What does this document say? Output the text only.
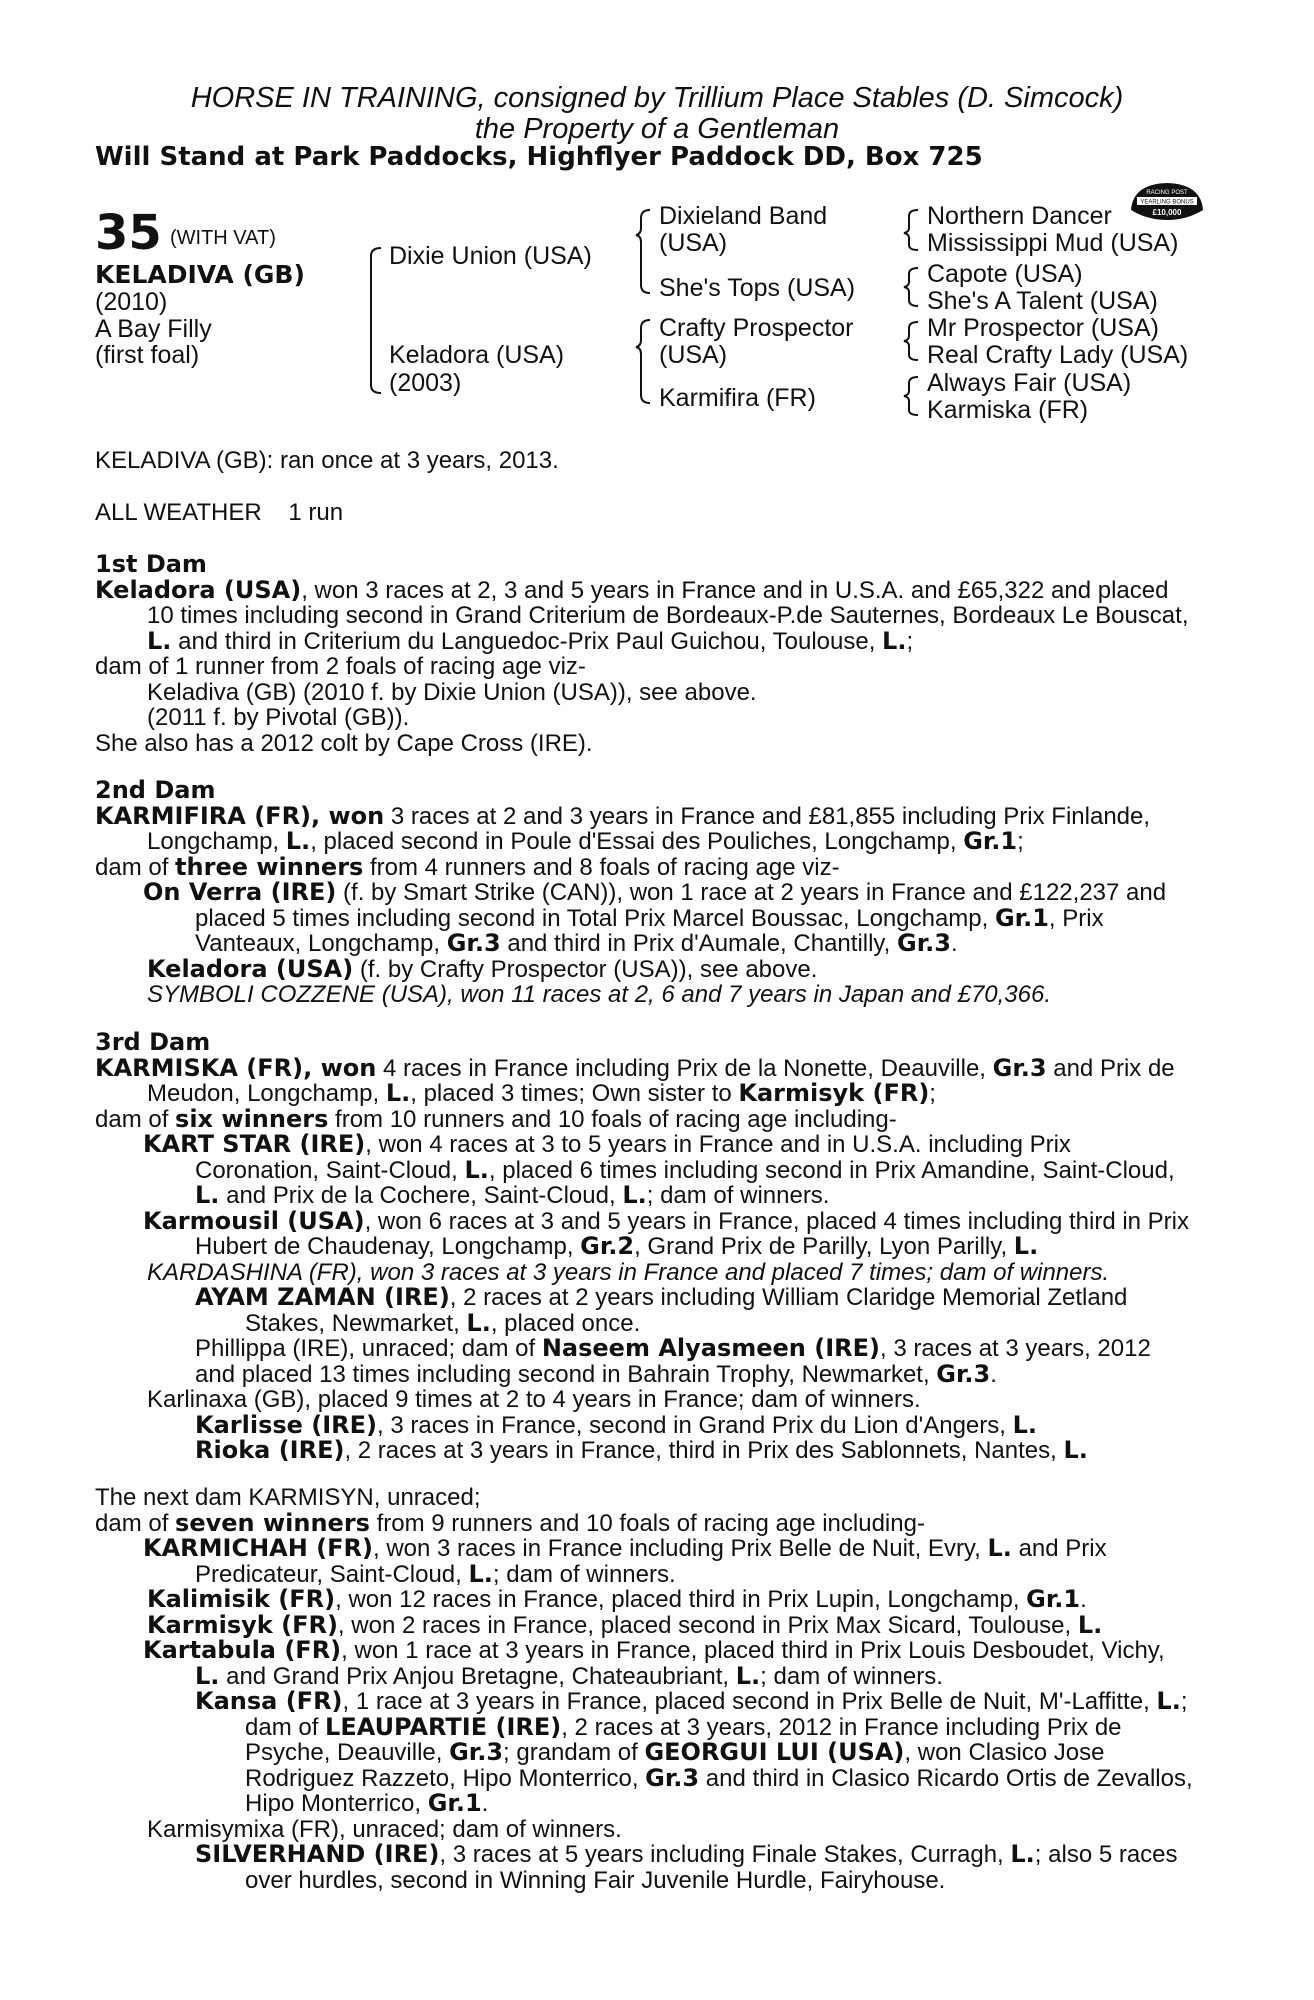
HORSE IN TRAINING, consigned by Trillium Place Stables (D. Simcock)
the Property of a Gentleman
Will Stand at Park Paddocks, Highflyer Paddock DD, Box 725
RACING POST
YEARLING BONUS
£10,000
35 (WITH VAT)
KELADIVA (GB)
(2010)
A Bay Filly
(first foal)
Dixie Union (USA)
Keladora (USA)
(2003)
Dixieland Band
(USA)
She's Tops (USA)
Crafty Prospector
(USA)
Karmifira (FR)
Northern Dancer
Mississippi Mud (USA)
Capote (USA)
She's A Talent (USA)
Mr Prospector (USA)
Real Crafty Lady (USA)
Always Fair (USA)
Karmiska (FR)
KELADIVA (GB): ran once at 3 years, 2013.
ALL WEATHER 1 run
1st Dam
Keladora (USA), won 3 races at 2, 3 and 5 years in France and in U.S.A. and £65,322 and placed 10 times including second in Grand Criterium de Bordeaux-P.de Sauternes, Bordeaux Le Bouscat, L. and third in Criterium du Languedoc-Prix Paul Guichou, Toulouse, L.;
dam of 1 runner from 2 foals of racing age viz-
Keladiva (GB) (2010 f. by Dixie Union (USA)), see above.
(2011 f. by Pivotal (GB)).
She also has a 2012 colt by Cape Cross (IRE).
2nd Dam
KARMIFIRA (FR), won 3 races at 2 and 3 years in France and £81,855 including Prix Finlande, Longchamp, L., placed second in Poule d'Essai des Pouliches, Longchamp, Gr.1;
dam of three winners from 4 runners and 8 foals of racing age viz-
On Verra (IRE) (f. by Smart Strike (CAN)), won 1 race at 2 years in France and £122,237 and placed 5 times including second in Total Prix Marcel Boussac, Longchamp, Gr.1, Prix Vanteaux, Longchamp, Gr.3 and third in Prix d'Aumale, Chantilly, Gr.3.
Keladora (USA) (f. by Crafty Prospector (USA)), see above.
SYMBOLI COZZENE (USA), won 11 races at 2, 6 and 7 years in Japan and £70,366.
3rd Dam
KARMISKA (FR), won 4 races in France including Prix de la Nonette, Deauville, Gr.3 and Prix de Meudon, Longchamp, L., placed 3 times; Own sister to Karmisyk (FR);
dam of six winners from 10 runners and 10 foals of racing age including-
KART STAR (IRE), won 4 races at 3 to 5 years in France and in U.S.A. including Prix Coronation, Saint-Cloud, L., placed 6 times including second in Prix Amandine, Saint-Cloud, L. and Prix de la Cochere, Saint-Cloud, L.; dam of winners.
Karmousil (USA), won 6 races at 3 and 5 years in France, placed 4 times including third in Prix Hubert de Chaudenay, Longchamp, Gr.2, Grand Prix de Parilly, Lyon Parilly, L.
KARDASHINA (FR), won 3 races at 3 years in France and placed 7 times; dam of winners.
AYAM ZAMAN (IRE), 2 races at 2 years including William Claridge Memorial Zetland Stakes, Newmarket, L., placed once.
Phillippa (IRE), unraced; dam of Naseem Alyasmeen (IRE), 3 races at 3 years, 2012 and placed 13 times including second in Bahrain Trophy, Newmarket, Gr.3.
Karlinaxa (GB), placed 9 times at 2 to 4 years in France; dam of winners.
Karlisse (IRE), 3 races in France, second in Grand Prix du Lion d'Angers, L.
Rioka (IRE), 2 races at 3 years in France, third in Prix des Sablonnets, Nantes, L.
The next dam KARMISYN, unraced;
dam of seven winners from 9 runners and 10 foals of racing age including-
KARMICHAH (FR), won 3 races in France including Prix Belle de Nuit, Evry, L. and Prix Predicateur, Saint-Cloud, L.; dam of winners.
Kalimisik (FR), won 12 races in France, placed third in Prix Lupin, Longchamp, Gr.1.
Karmisyk (FR), won 2 races in France, placed second in Prix Max Sicard, Toulouse, L.
Kartabula (FR), won 1 race at 3 years in France, placed third in Prix Louis Desboudet, Vichy, L. and Grand Prix Anjou Bretagne, Chateaubriant, L.; dam of winners.
Kansa (FR), 1 race at 3 years in France, placed second in Prix Belle de Nuit, M'-Laffitte, L.; dam of LEAUPARTIE (IRE), 2 races at 3 years, 2012 in France including Prix de Psyche, Deauville, Gr.3; grandam of GEORGUI LUI (USA), won Clasico Jose Rodriguez Razzeto, Hipo Monterrico, Gr.3 and third in Clasico Ricardo Ortis de Zevallos, Hipo Monterrico, Gr.1.
Karmisymixa (FR), unraced; dam of winners.
SILVERHAND (IRE), 3 races at 5 years including Finale Stakes, Curragh, L.; also 5 races over hurdles, second in Winning Fair Juvenile Hurdle, Fairyhouse.
